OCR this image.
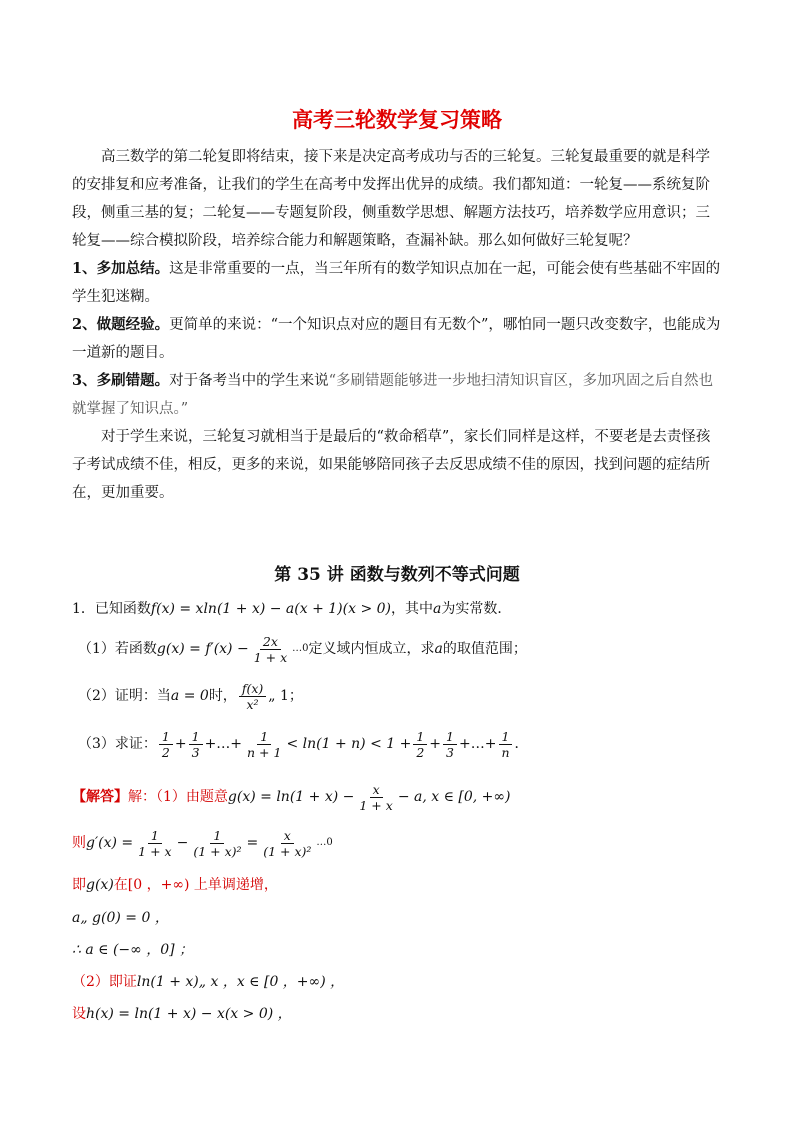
高考三轮数学复习策略

高三数学的第二轮复即将结束，接下来是决定高考成功与否的三轮复。三轮复最重要的就是科学的安排复和应考准备，让我们的学生在高考中发挥出优异的成绩。我们都知道：一轮复——系统复阶段，侧重三基的复；二轮复——专题复阶段，侧重数学思想、解题方法技巧，培养数学应用意识；三轮复——综合模拟阶段，培养综合能力和解题策略，查漏补缺。那么如何做好三轮复呢？

1、多加总结。这是非常重要的一点，当三年所有的数学知识点加在一起，可能会使有些基础不牢固的学生犯迷糊。

2、做题经验。更简单的来说：“一个知识点对应的题目有无数个”，哪怕同一题只改变数字，也能成为一道新的题目。

3、多刷错题。对于备考当中的学生来说“多刷错题能够进一步地扫清知识盲区，多加巩固之后自然也就掌握了知识点。”

对于学生来说，三轮复习就相当于是最后的“救命稻草”，家长们同样是这样，不要老是去责怪孩子考试成绩不佳，相反，更多的来说，如果能够陪同孩子去反思成绩不佳的原因，找到问题的症结所在，更加重要。

第 35 讲 函数与数列不等式问题
1．已知函数 f(x) = xln(1 + x) − a(x + 1)(x > 0) ，其中 a 为实常数．
（1）若函数 $g(x) = f'(x) - \frac{2x}{1 + x}$ …0 定义域内恒成立，求 a 的取值范围；
（2）证明：当 a = 0 时， $\frac{f(x)}{\text{x²}}$ „ 1 ；
（3）求证： $\frac{1}{2} + \frac{1}{3}$ +…+ $\frac{1}{n + 1} < \ln(1 + n) < 1 + \frac{1}{2} + \frac{1}{3}$ +…+ $\frac{1}{n}$ ．
【解答】 解：（1）由题意 $g(x) = \ln(1 + x) - \frac{x}{1 + x} - a$, x ∈ [0, +∞)
则 $g'(x) = \frac{1}{1 + x} - \frac{1}{\text{(1 + x)²}} = \frac{x}{\text{(1 + x)²}}$ …0
即 g(x) 在[0 ，+∞) 上单调递增，
a„ g(0) = 0 ，
∴ a ∈ (−∞ ，0] ；
（2）即证 ln(1 + x)„ x ，x ∈ [0 ，+∞) ，
设 h(x) = ln(1 + x) − x(x > 0) ，
